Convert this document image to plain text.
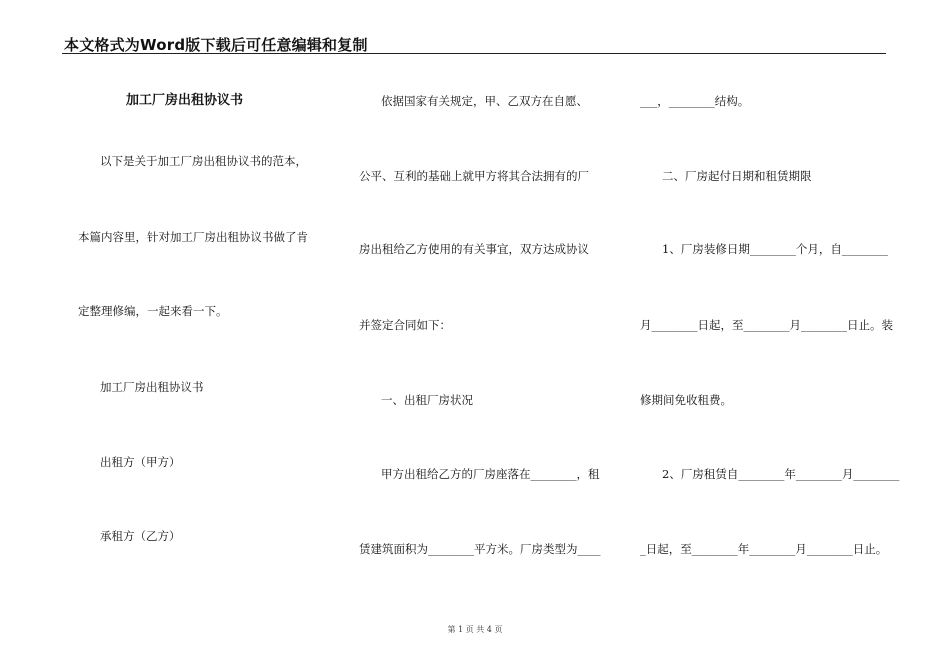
本文格式为Word版下载后可任意编辑和复制
加工厂房出租协议书
以下是关于加工厂房出租协议书的范本，
本篇内容里，针对加工厂房出租协议书做了肯
定整理修编，一起来看一下。
加工厂房出租协议书
出租方（甲方）
承租方（乙方）
依据国家有关规定，甲、乙双方在自愿、
公平、互利的基础上就甲方将其合法拥有的厂
房出租给乙方使用的有关事宜，双方达成协议
并签定合同如下：
一、出租厂房状况
甲方出租给乙方的厂房座落在________，租
赁建筑面积为________平方米。厂房类型为____
___，________结构。
二、厂房起付日期和租赁期限
1、厂房装修日期________个月，自________
月________日起，至________月________日止。装
修期间免收租费。
2、厂房租赁自________年________月________
_日起，至________年________月________日止。
第 1 页 共 4 页
